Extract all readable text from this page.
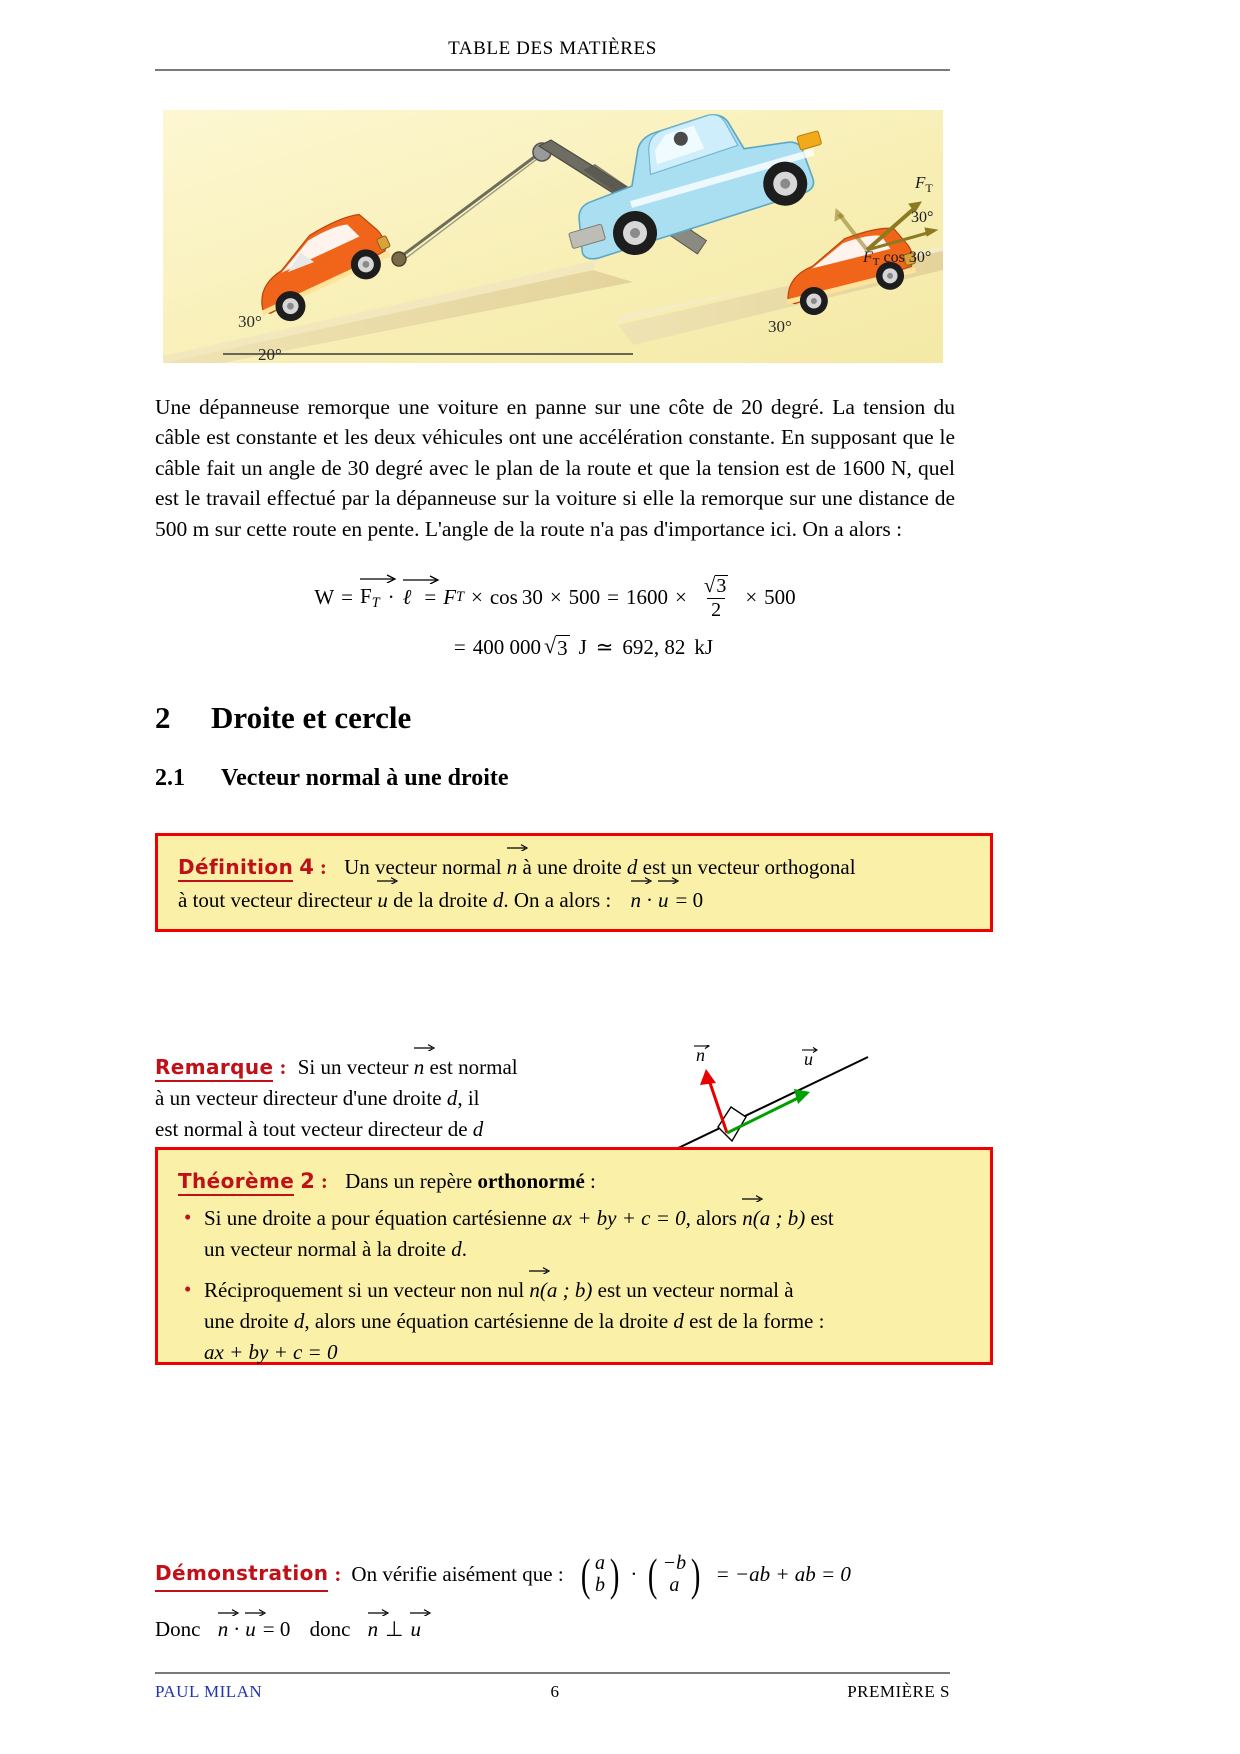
TABLE DES MATIÈRES
$F_T$
30°
FT cos 30°
30°
20°
30°
Une dépanneuse remorque une voiture en panne sur une côte de 20 degré. La tension du câble est constante et les deux véhicules ont une accélération constante. En supposant que le câble fait un angle de 30 degré avec le plan de la route et que la tension est de 1600 N, quel est le travail effectué par la dépanneuse sur la voiture si elle la remorque sur une distance de 500 m sur cette route en pente. L'angle de la route n'a pas d'importance ici. On a alors :
$W = F_T$ · ℓ = F $T \times \cos 30 \times 500 = 1600 \times \frac{√ 3}{2} \times 500$
= 400 000 √ 3 J ≃ 692, 82 kJ
2 Droite et cercle
2.1 Vecteur normal à une droite
Définition 4 : Un vecteur normal
n à une droite d est un vecteur orthogonal
à tout vecteur directeur
u de la droite d. On a alors : n · u = 0
Remarque : Si un vecteur
n est normal
à un vecteur directeur d'une droite d, il
est normal à tout vecteur directeur de d
n	u
Théorème 2 : Dans un repère orthonormé :
• Si une droite a pour équation cartésienne ax + by + c = 0, alors
n(a ; b) est
un vecteur normal à la droite d.
• Réciproquement si un vecteur non nul
n(a ; b) est un vecteur normal à
une droite d, alors une équation cartésienne de la droite d est de la forme :
ax + by + c = 0
Démonstration : On vérifie aisément que : ( a
b ) · ( −b
a ) = −ab + ab = 0
Donc n · u = 0 donc n ⊥ u
PAUL MILAN	6	PREMIÈRE S
